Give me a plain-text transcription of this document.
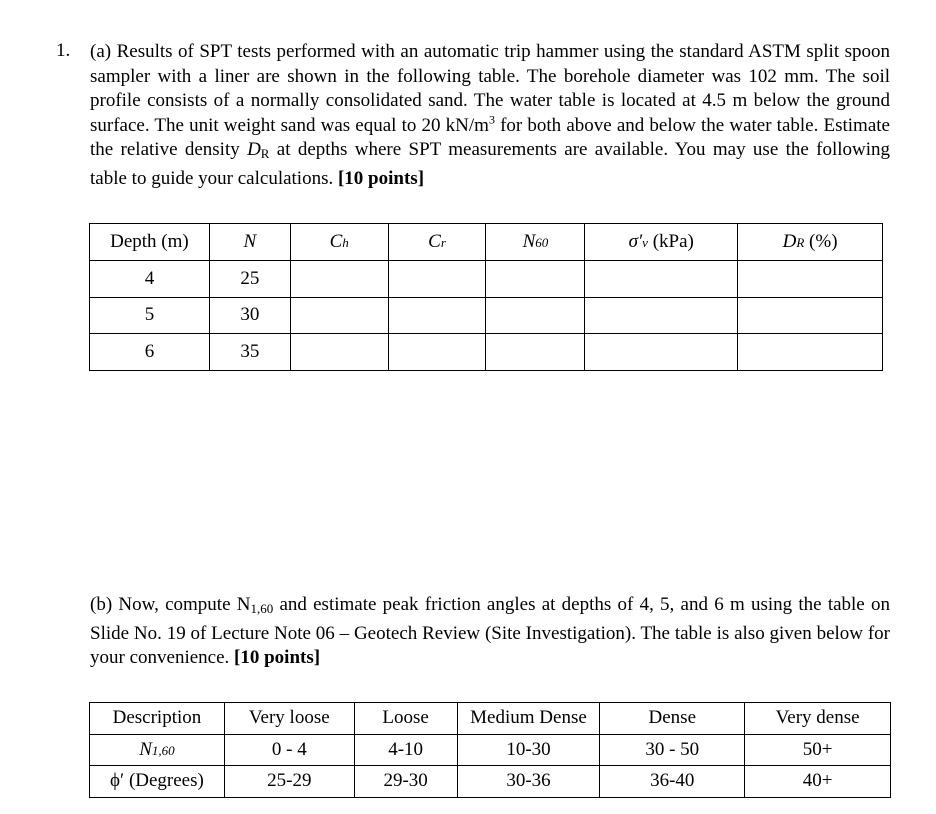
1. (a) Results of SPT tests performed with an automatic trip hammer using the standard ASTM split spoon sampler with a liner are shown in the following table. The borehole diameter was 102 mm. The soil profile consists of a normally consolidated sand. The water table is located at 4.5 m below the ground surface. The unit weight sand was equal to 20 $kN/m^3$ for both above and below the water table. Estimate the relative density DR at depths where SPT measurements are available. You may use the following table to guide your calculations. [10 points]
Depth (m)	N	Ch	Cr	N60	σ′v (kPa)	DR (%)
4	25					
5	30					
6	35					
(b) Now, compute N1,60 and estimate peak friction angles at depths of 4, 5, and 6 m using the table on Slide No. 19 of Lecture Note 06 – Geotech Review (Site Investigation). The table is also given below for your convenience. [10 points]
Description	Very loose	Loose	Medium Dense	Dense	Very dense
N1,60	0 - 4	4-10	10-30	30 - 50	50+
ϕ′ (Degrees)	25-29	29-30	30-36	36-40	40+
